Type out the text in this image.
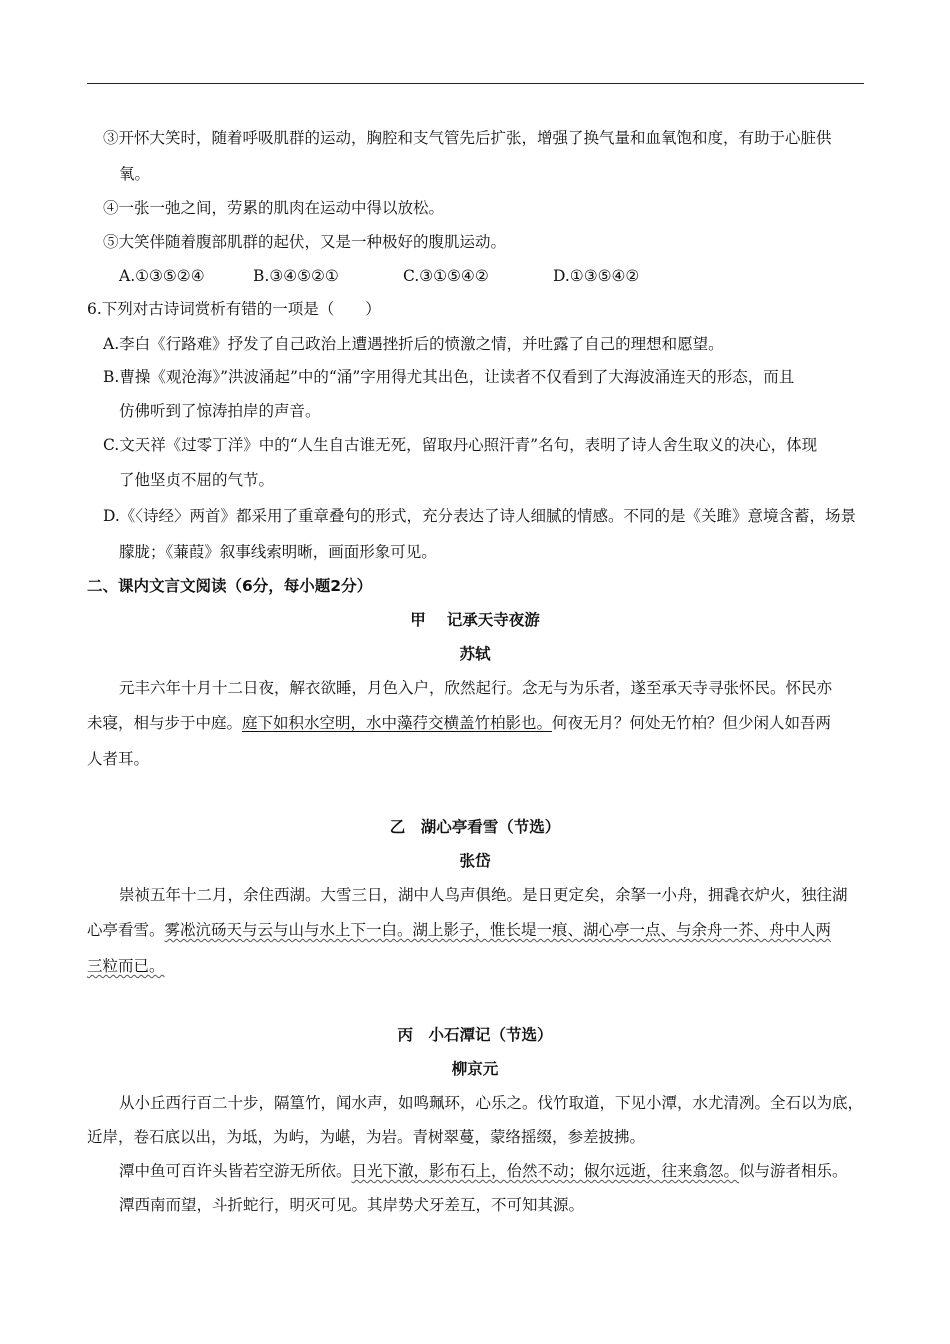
③开怀大笑时，随着呼吸肌群的运动，胸腔和支气管先后扩张，增强了换气量和血氧饱和度，有助于心脏供
氧。
④一张一弛之间，劳累的肌肉在运动中得以放松。
⑤大笑伴随着腹部肌群的起伏，又是一种极好的腹肌运动。
A.①③⑤②④	B.③④⑤②①	C.③①⑤④②	D.①③⑤④②
6.下列对古诗词赏析有错的一项是（　　）
A.李白《行路难》抒发了自己政治上遭遇挫折后的愤激之情，并吐露了自己的理想和愿望。
B.曹操《观沧海》”洪波涌起”中的“涌”字用得尤其出色，让读者不仅看到了大海波涌连天的形态，而且
仿佛听到了惊涛拍岸的声音。
C.文天祥《过零丁洋》中的“人生自古谁无死，留取丹心照汗青”名句，表明了诗人舍生取义的决心，体现
了他坚贞不屈的气节。
D.《〈诗经〉两首》都采用了重章叠句的形式，充分表达了诗人细腻的情感。不同的是《关雎》意境含蓄，场景
朦胧；《蒹葭》叙事线索明晰，画面形象可见。
二、课内文言文阅读（6分，每小题2分）
甲　 记承天寺夜游
苏轼
元丰六年十月十二日夜，解衣欲睡，月色入户，欣然起行。念无与为乐者，遂至承天寺寻张怀民。怀民亦
未寝，相与步于中庭。庭下如积水空明，水中藻荇交横盖竹柏影也。何夜无月？何处无竹柏？但少闲人如吾两
人者耳。
乙　湖心亭看雪（节选）
张岱
崇祯五年十二月，余住西湖。大雪三日，湖中人鸟声俱绝。是日更定矣，余拏一小舟，拥毳衣炉火，独往湖
心亭看雪。雾凇沆砀天与云与山与水上下一白。湖上影子，惟长堤一痕、湖心亭一点、与余舟一芥、舟中人两
三粒而已。
丙　小石潭记（节选）
柳京元
从小丘西行百二十步，隔篁竹，闻水声，如鸣珮环，心乐之。伐竹取道，下见小潭，水尤清冽。全石以为底，
近岸，卷石底以出，为坻，为屿，为嵁，为岩。青树翠蔓，蒙络摇缀，参差披拂。
潭中鱼可百许头皆若空游无所依。日光下澈，影布石上，佁然不动；俶尔远逝，往来翕忽。似与游者相乐。
潭西南而望，斗折蛇行，明灭可见。其岸势犬牙差互，不可知其源。
